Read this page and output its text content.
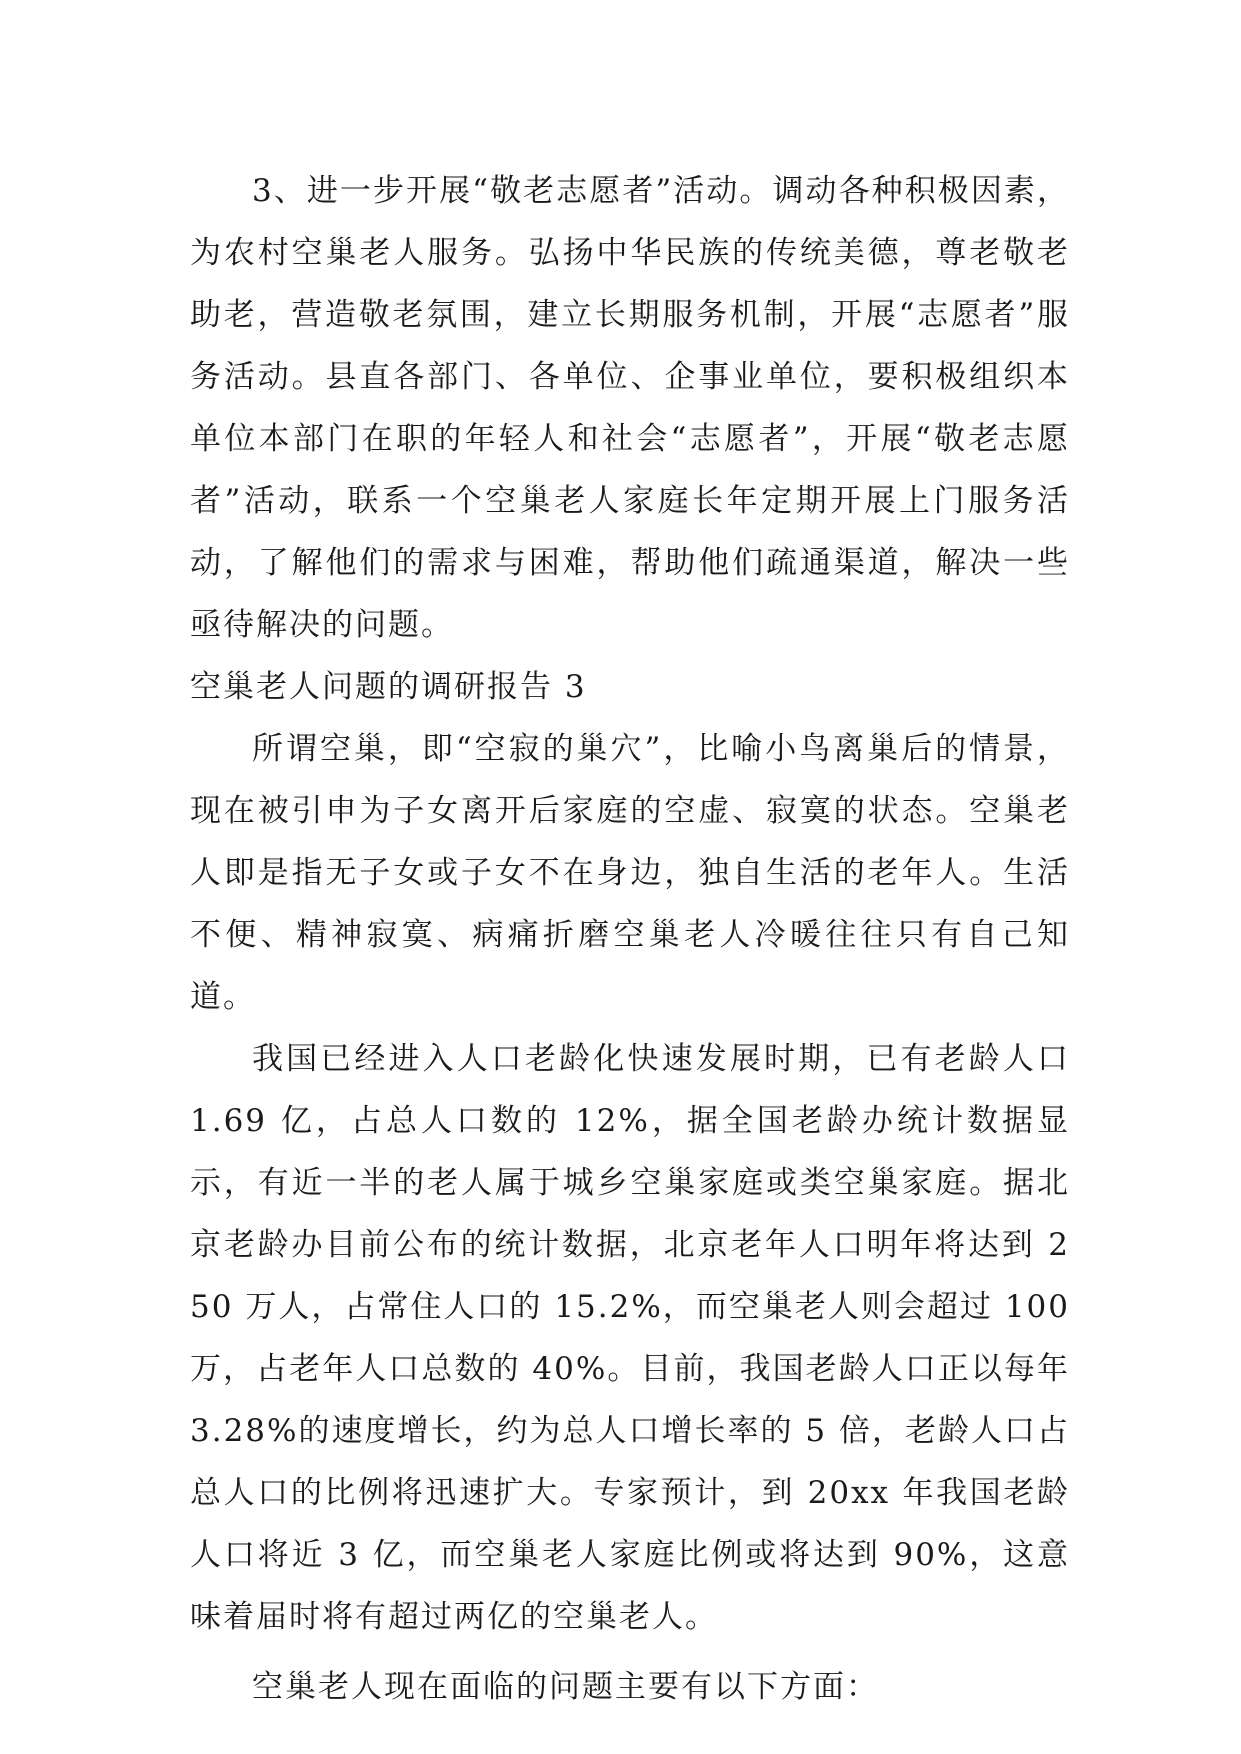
3、进一步开展“敬老志愿者”活动。调动各种积极因素，为农村空巢老人服务。弘扬中华民族的传统美德，尊老敬老助老，营造敬老氛围，建立长期服务机制，开展“志愿者”服务活动。县直各部门、各单位、企事业单位，要积极组织本单位本部门在职的年轻人和社会“志愿者”，开展“敬老志愿者”活动，联系一个空巢老人家庭长年定期开展上门服务活动，了解他们的需求与困难，帮助他们疏通渠道，解决一些亟待解决的问题。

空巢老人问题的调研报告 3

所谓空巢，即“空寂的巢穴”，比喻小鸟离巢后的情景，现在被引申为子女离开后家庭的空虚、寂寞的状态。空巢老人即是指无子女或子女不在身边，独自生活的老年人。生活不便、精神寂寞、病痛折磨空巢老人冷暖往往只有自己知道。

我国已经进入人口老龄化快速发展时期，已有老龄人口 1.69 亿，占总人口数的 12%，据全国老龄办统计数据显示，有近一半的老人属于城乡空巢家庭或类空巢家庭。据北京老龄办目前公布的统计数据，北京老年人口明年将达到 250 万人，占常住人口的 15.2%，而空巢老人则会超过 100 万，占老年人口总数的 40%。目前，我国老龄人口正以每年 3.28%的速度增长，约为总人口增长率的 5 倍，老龄人口占总人口的比例将迅速扩大。专家预计，到 20xx 年我国老龄人口将近 3 亿，而空巢老人家庭比例或将达到 90%，这意味着届时将有超过两亿的空巢老人。

空巢老人现在面临的问题主要有以下方面：
